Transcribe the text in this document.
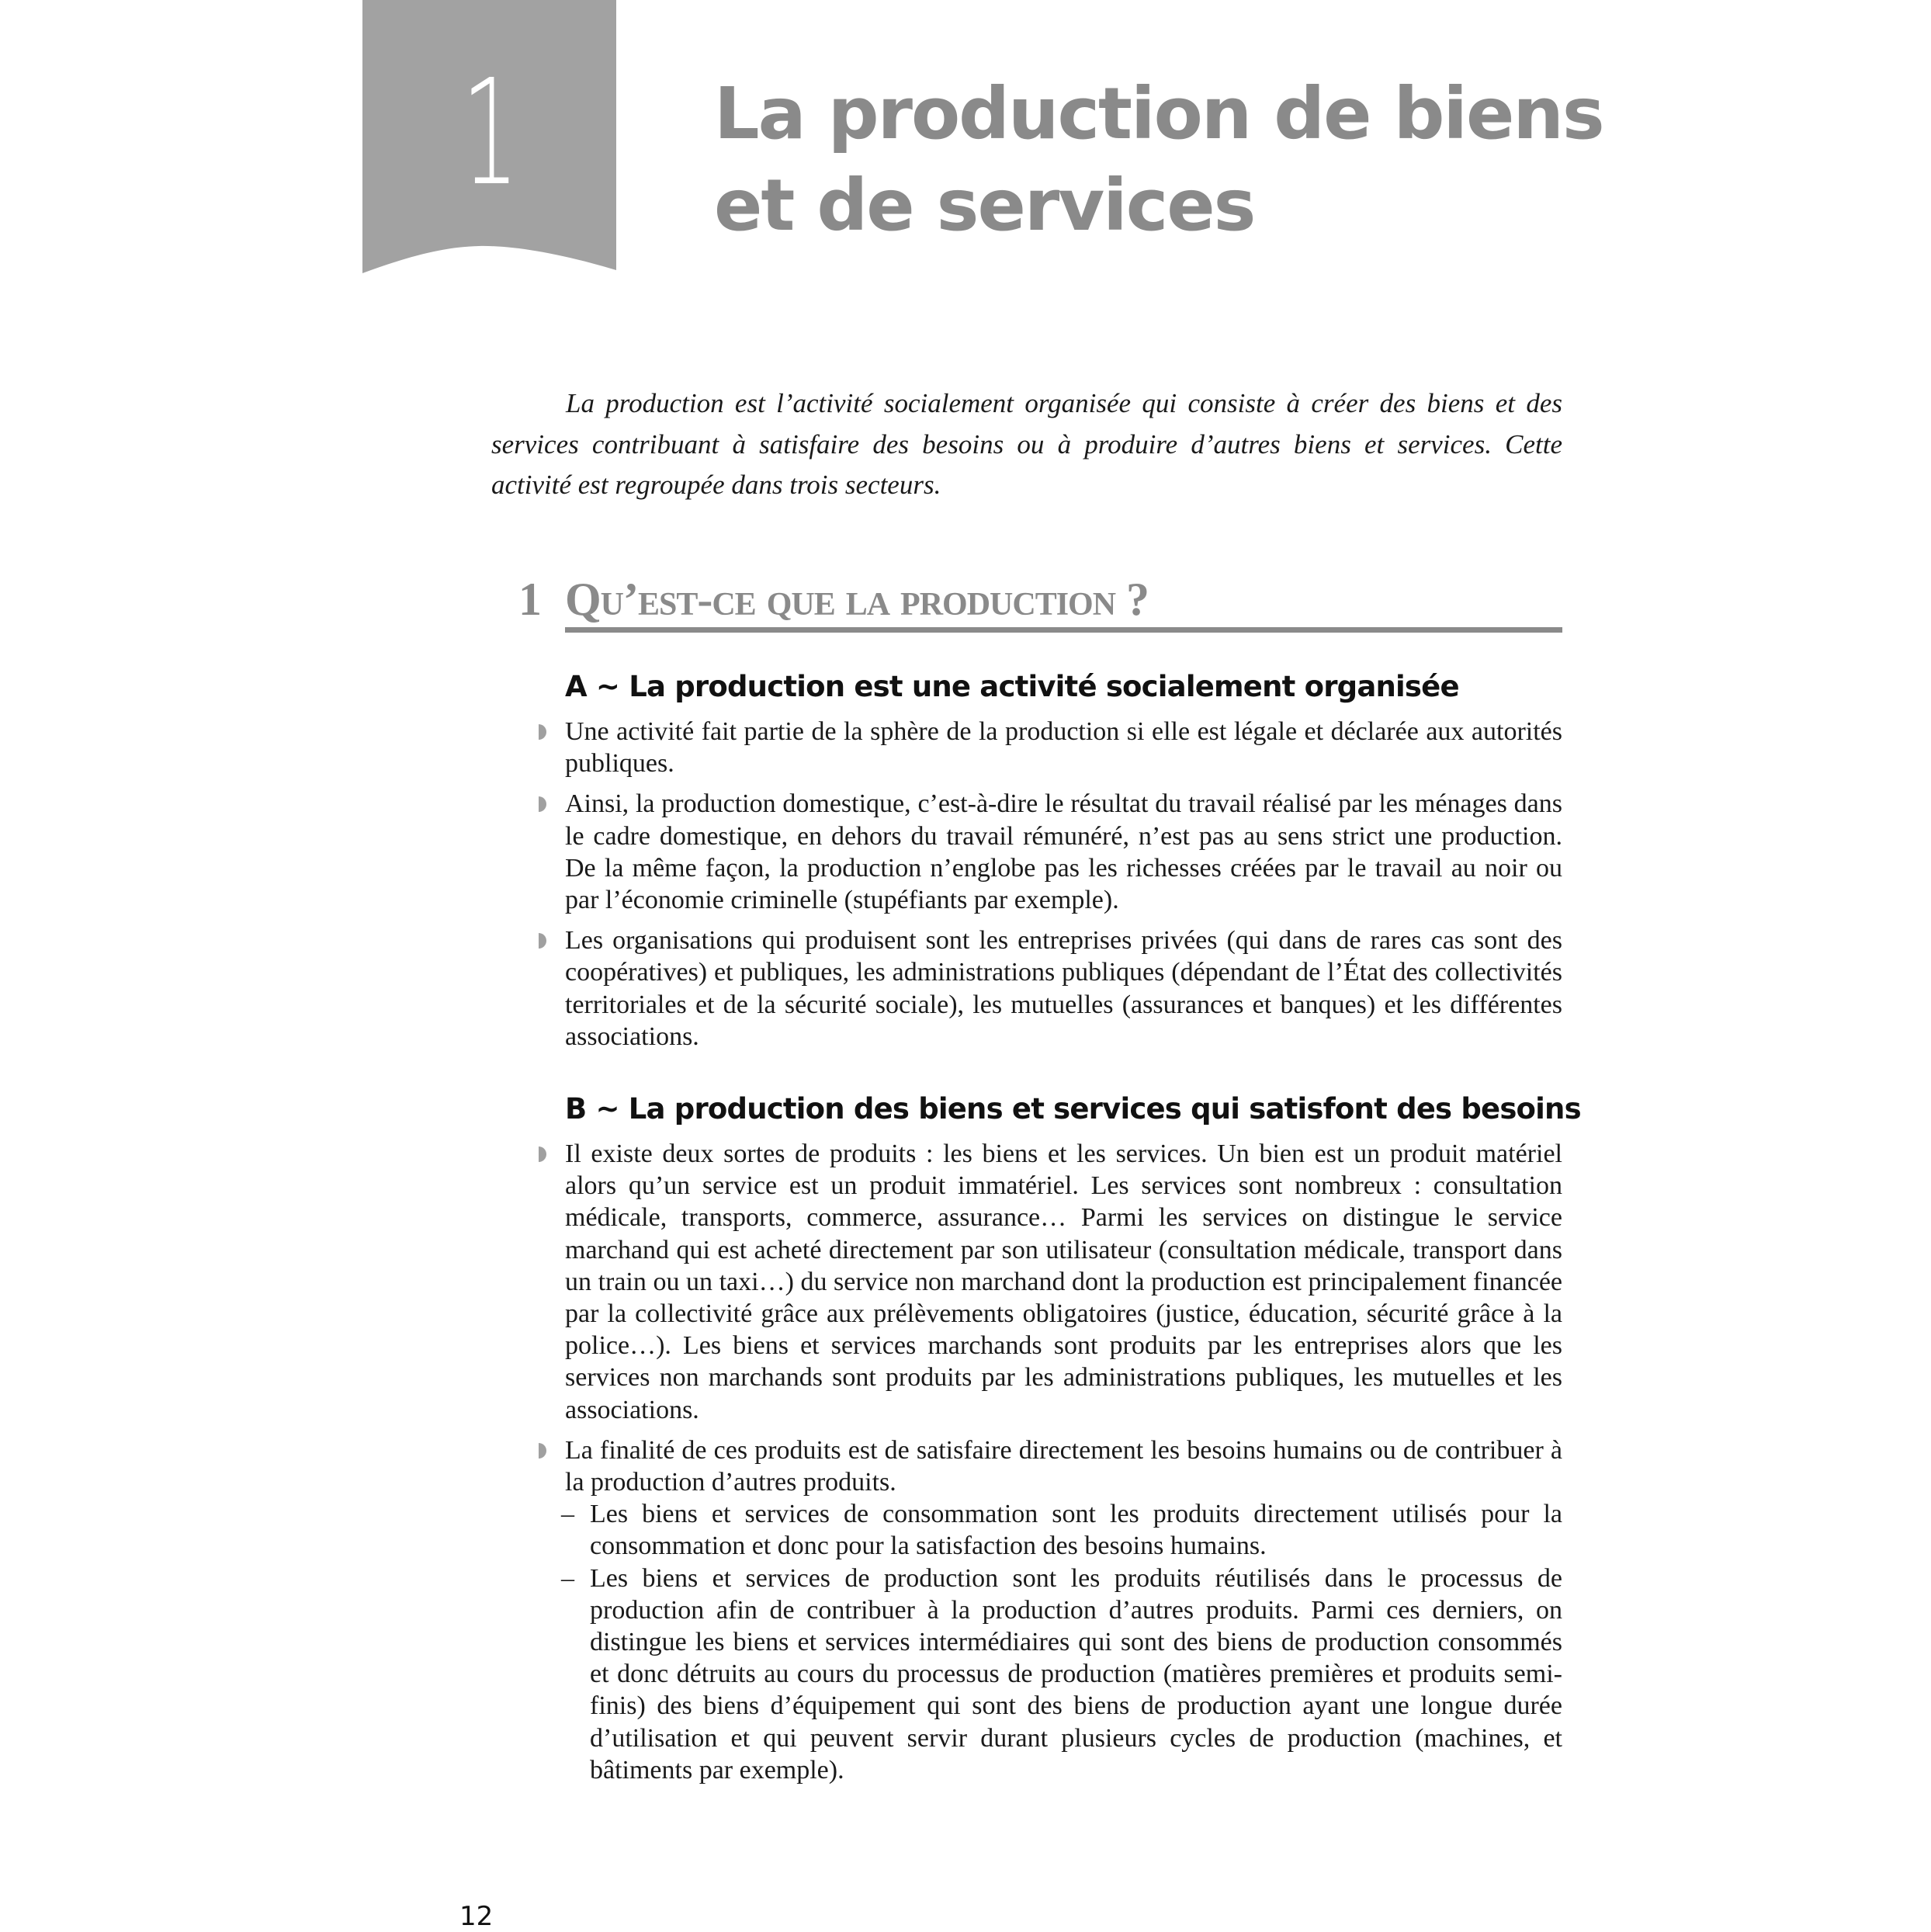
1	La production de biens
et de services

La production est l’activité socialement organisée qui consiste à créer des biens et des services contribuant à satisfaire des besoins ou à produire d’autres biens et services. Cette activité est regroupée dans trois secteurs.

1 Qu’est-ce que la production ?
A ~ La production est une activité socialement organisée
Une activité fait partie de la sphère de la production si elle est légale et déclarée aux autorités publiques.
Ainsi, la production domestique, c’est-à-dire le résultat du travail réalisé par les ménages dans le cadre domestique, en dehors du travail rémunéré, n’est pas au sens strict une production. De la même façon, la production n’englobe pas les richesses créées par le travail au noir ou par l’économie criminelle (stupéfiants par exemple).
Les organisations qui produisent sont les entreprises privées (qui dans de rares cas sont des coopératives) et publiques, les administrations publiques (dépendant de l’État des collectivités territoriales et de la sécurité sociale), les mutuelles (assurances et banques) et les différentes associations.
B ~ La production des biens et services qui satisfont des besoins
Il existe deux sortes de produits : les biens et les services. Un bien est un produit matériel alors qu’un service est un produit immatériel. Les services sont nombreux : consultation médicale, transports, commerce, assurance… Parmi les services on distingue le service marchand qui est acheté directement par son utilisateur (consultation médicale, transport dans un train ou un taxi…) du service non marchand dont la production est principalement financée par la collectivité grâce aux prélèvements obligatoires (justice, éducation, sécurité grâce à la police…). Les biens et services marchands sont produits par les entreprises alors que les services non marchands sont produits par les administrations publiques, les mutuelles et les associations.
La finalité de ces produits est de satisfaire directement les besoins humains ou de contribuer à la production d’autres produits.
– Les biens et services de consommation sont les produits directement utilisés pour la consommation et donc pour la satisfaction des besoins humains.
– Les biens et services de production sont les produits réutilisés dans le processus de production afin de contribuer à la production d’autres produits. Parmi ces derniers, on distingue les biens et services intermédiaires qui sont des biens de production consommés et donc détruits au cours du processus de production (matières premières et produits semi-finis) des biens d’équipement qui sont des biens de production ayant une longue durée d’utilisation et qui peuvent servir durant plusieurs cycles de production (machines, et bâtiments par exemple).
12
